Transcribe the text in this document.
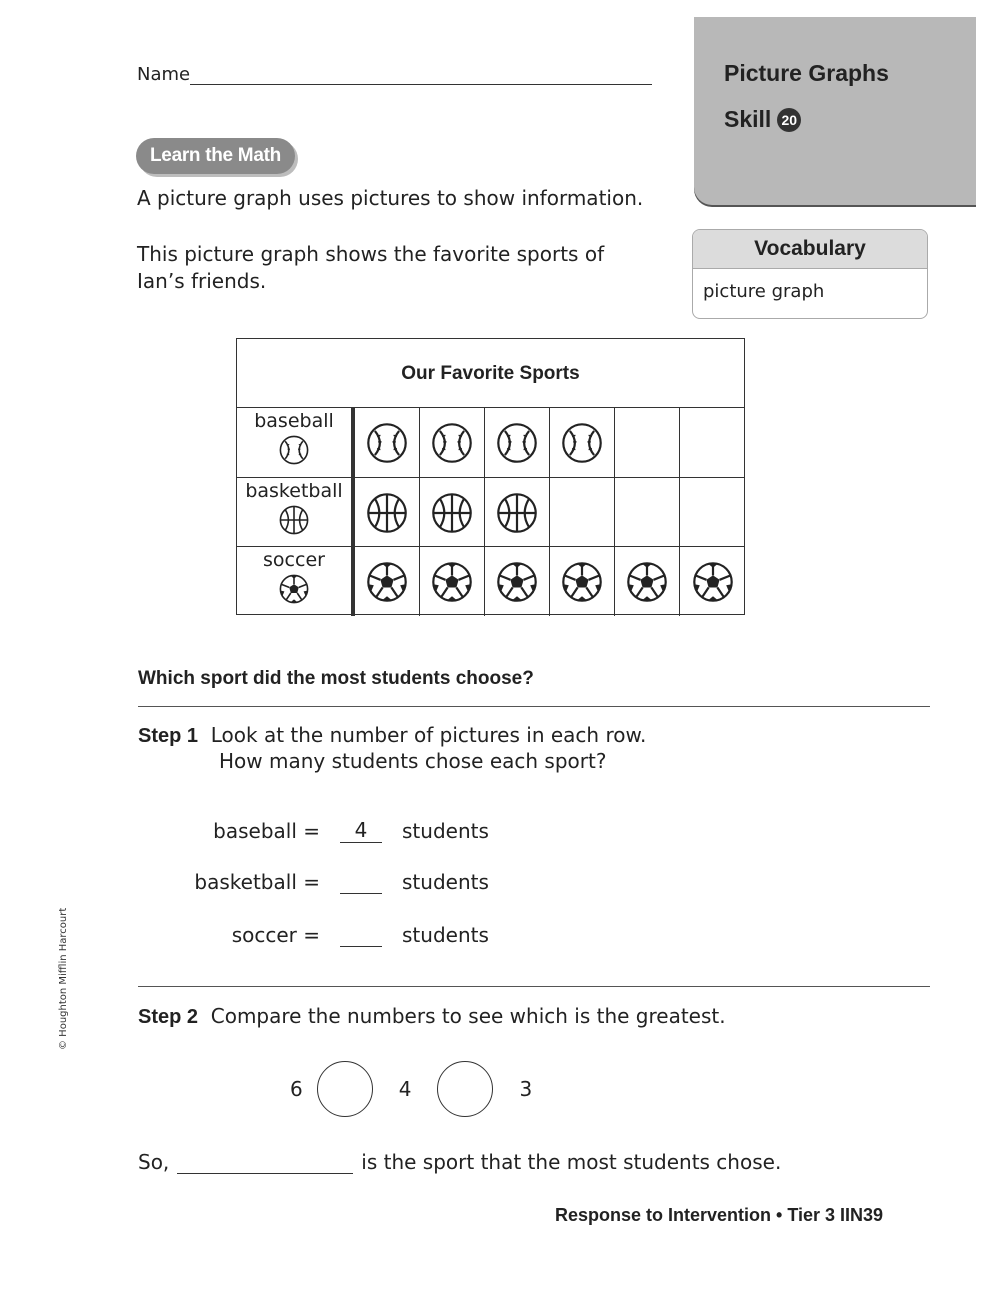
Name
Learn the Math
Picture Graphs
Skill 20
Vocabulary
picture graph
A picture graph uses pictures to show information.
This picture graph shows the favorite sports of Ian’s friends.
Our Favorite Sports
baseball
basketball
soccer
Which sport did the most students choose?
Step 1 Look at the number of pictures in each row.
How many students chose each sport?
baseball =	4	students
basketball =	students
soccer =	students
Step 2 Compare the numbers to see which is the greatest.
6	4	3
So,	is the sport that the most students chose.
Response to Intervention • Tier 3 IIN39
© Houghton Mifflin Harcourt
